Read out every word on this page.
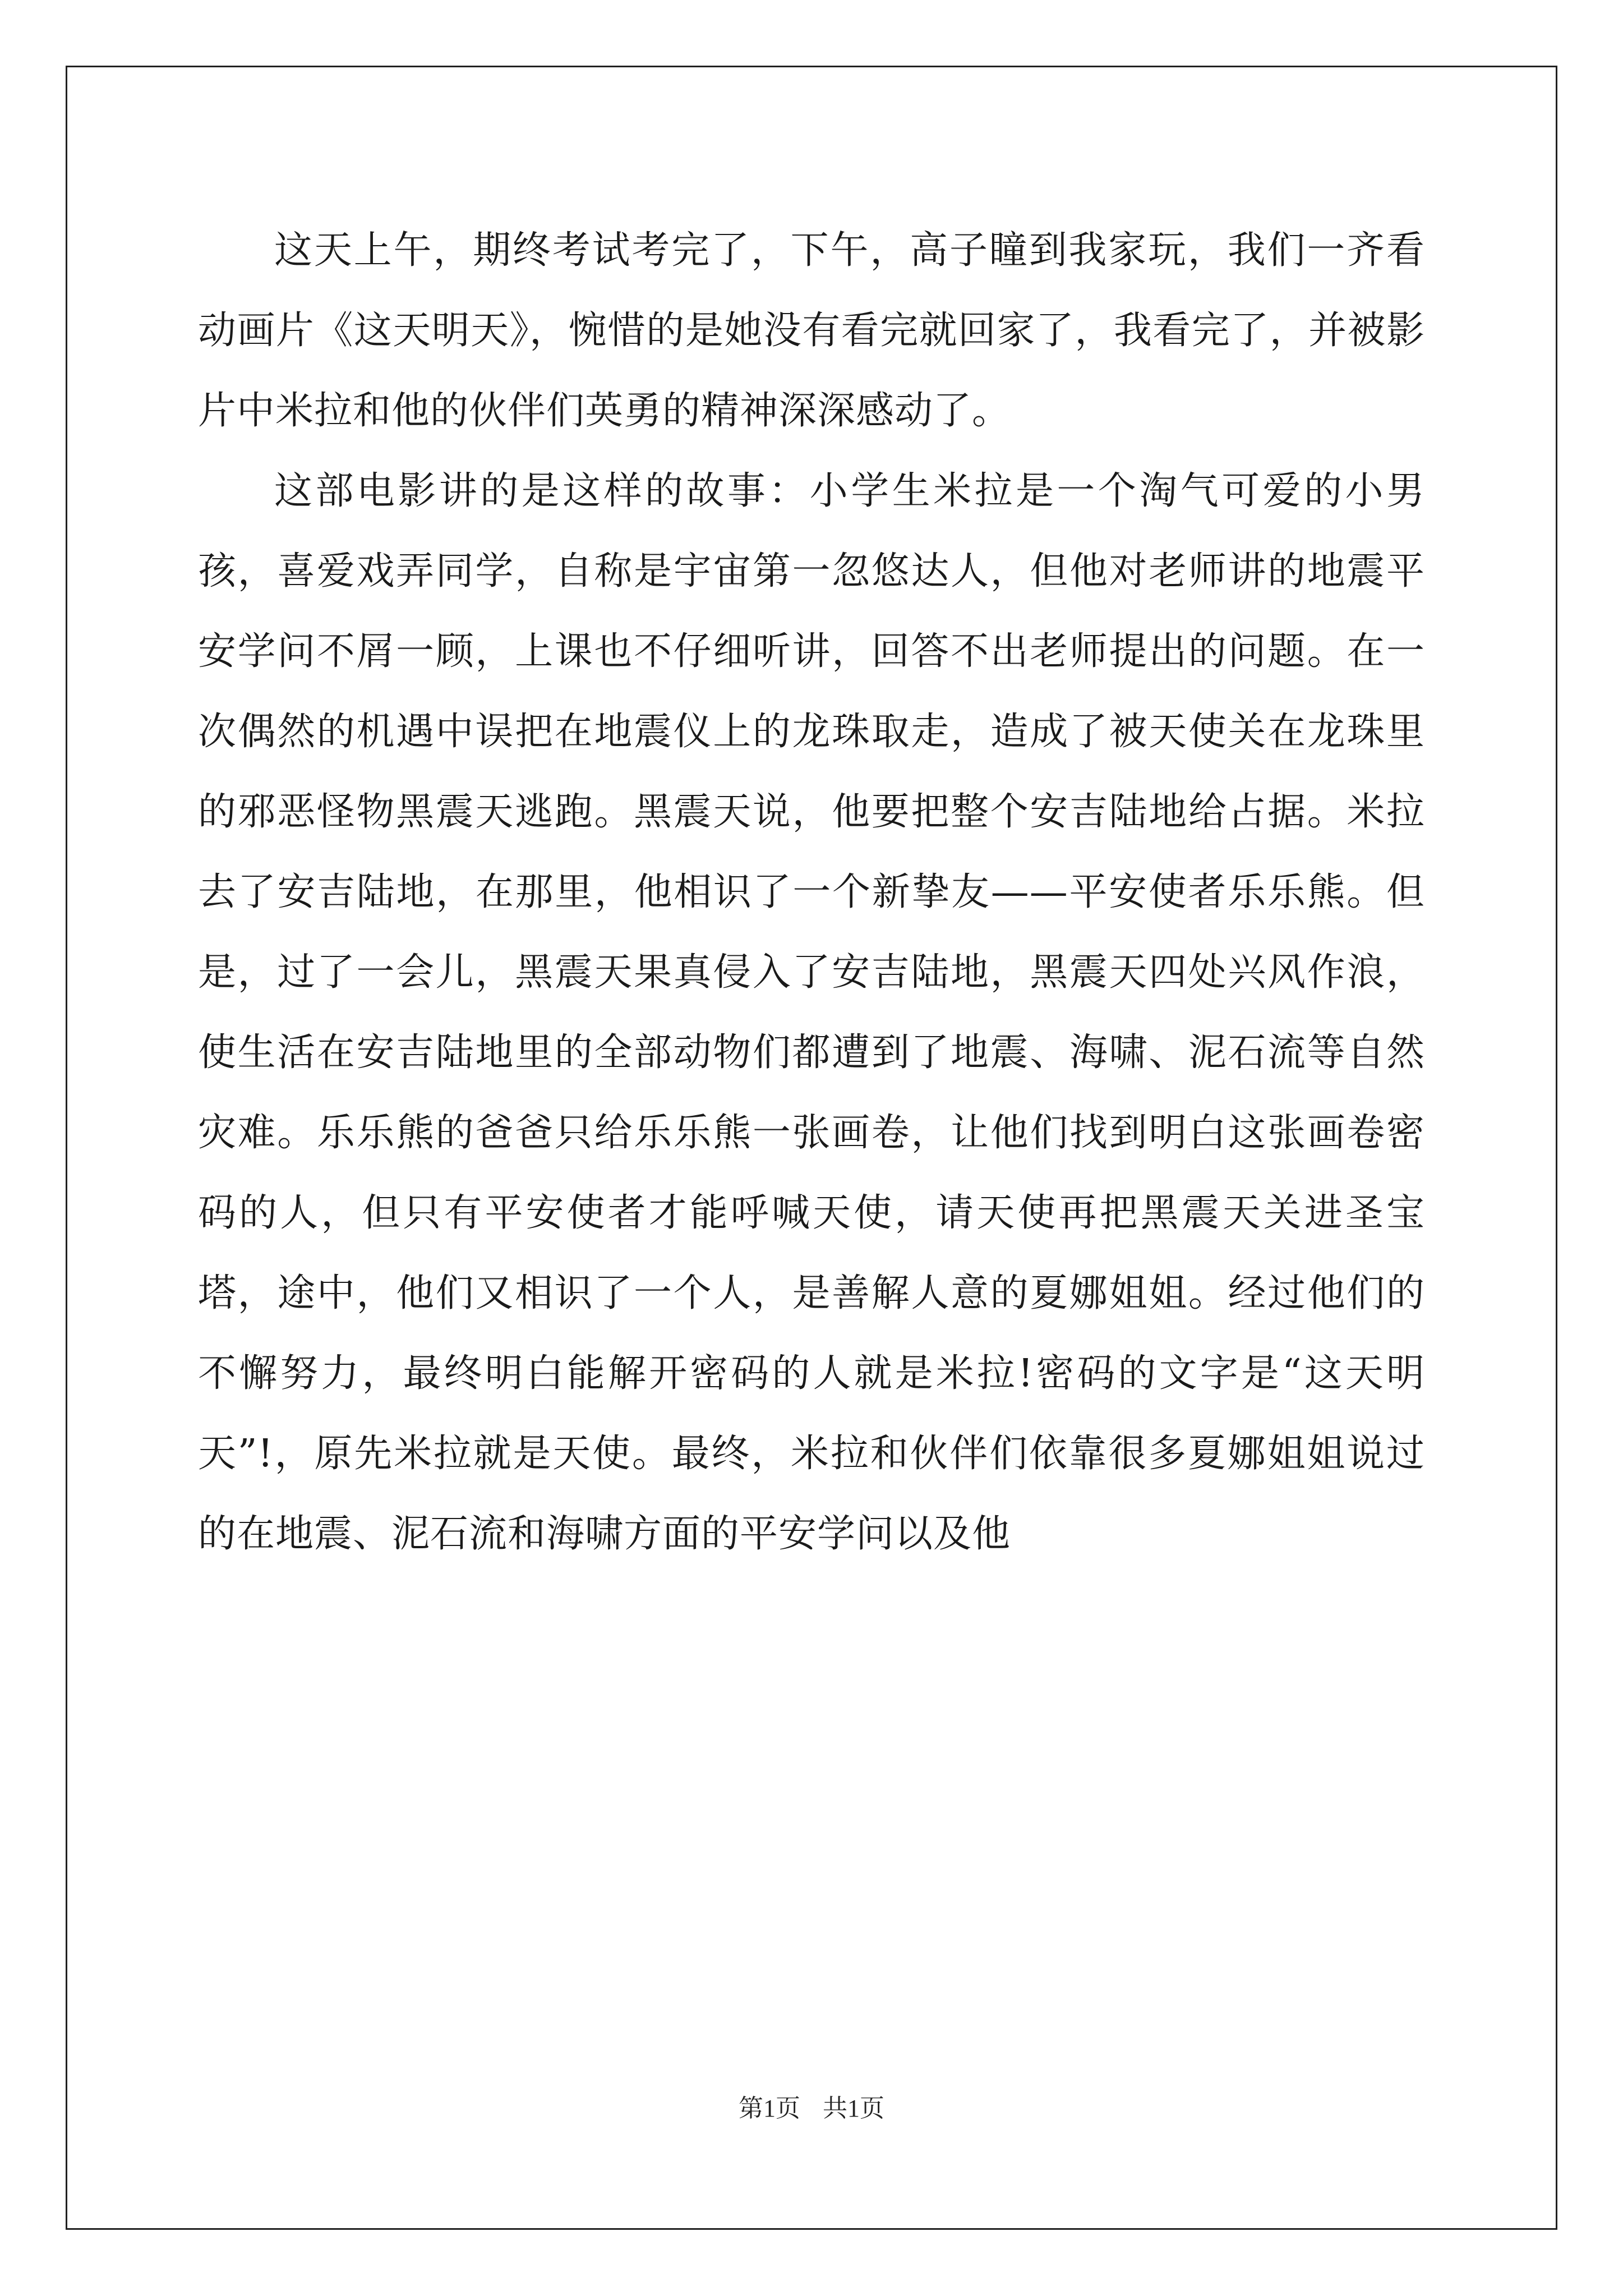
这天上午，期终考试考完了，下午，高子瞳到我家玩，我们一齐看动画片《这天明天》，惋惜的是她没有看完就回家了，我看完了，并被影片中米拉和他的伙伴们英勇的精神深深感动了。

这部电影讲的是这样的故事：小学生米拉是一个淘气可爱的小男孩，喜爱戏弄同学，自称是宇宙第一忽悠达人，但他对老师讲的地震平安学问不屑一顾，上课也不仔细听讲，回答不出老师提出的问题。在一次偶然的机遇中误把在地震仪上的龙珠取走，造成了被天使关在龙珠里的邪恶怪物黑震天逃跑。黑震天说，他要把整个安吉陆地给占据。米拉去了安吉陆地，在那里，他相识了一个新挚友——平安使者乐乐熊。但是，过了一会儿，黑震天果真侵入了安吉陆地，黑震天四处兴风作浪，使生活在安吉陆地里的全部动物们都遭到了地震、海啸、泥石流等自然灾难。乐乐熊的爸爸只给乐乐熊一张画卷，让他们找到明白这张画卷密码的人，但只有平安使者才能呼喊天使，请天使再把黑震天关进圣宝塔，途中，他们又相识了一个人，是善解人意的夏娜姐姐。经过他们的不懈努力，最终明白能解开密码的人就是米拉!密码的文字是“这天明天”!，原先米拉就是天使。最终，米拉和伙伴们依靠很多夏娜姐姐说过的在地震、泥石流和海啸方面的平安学问以及他

第1页 共1页
